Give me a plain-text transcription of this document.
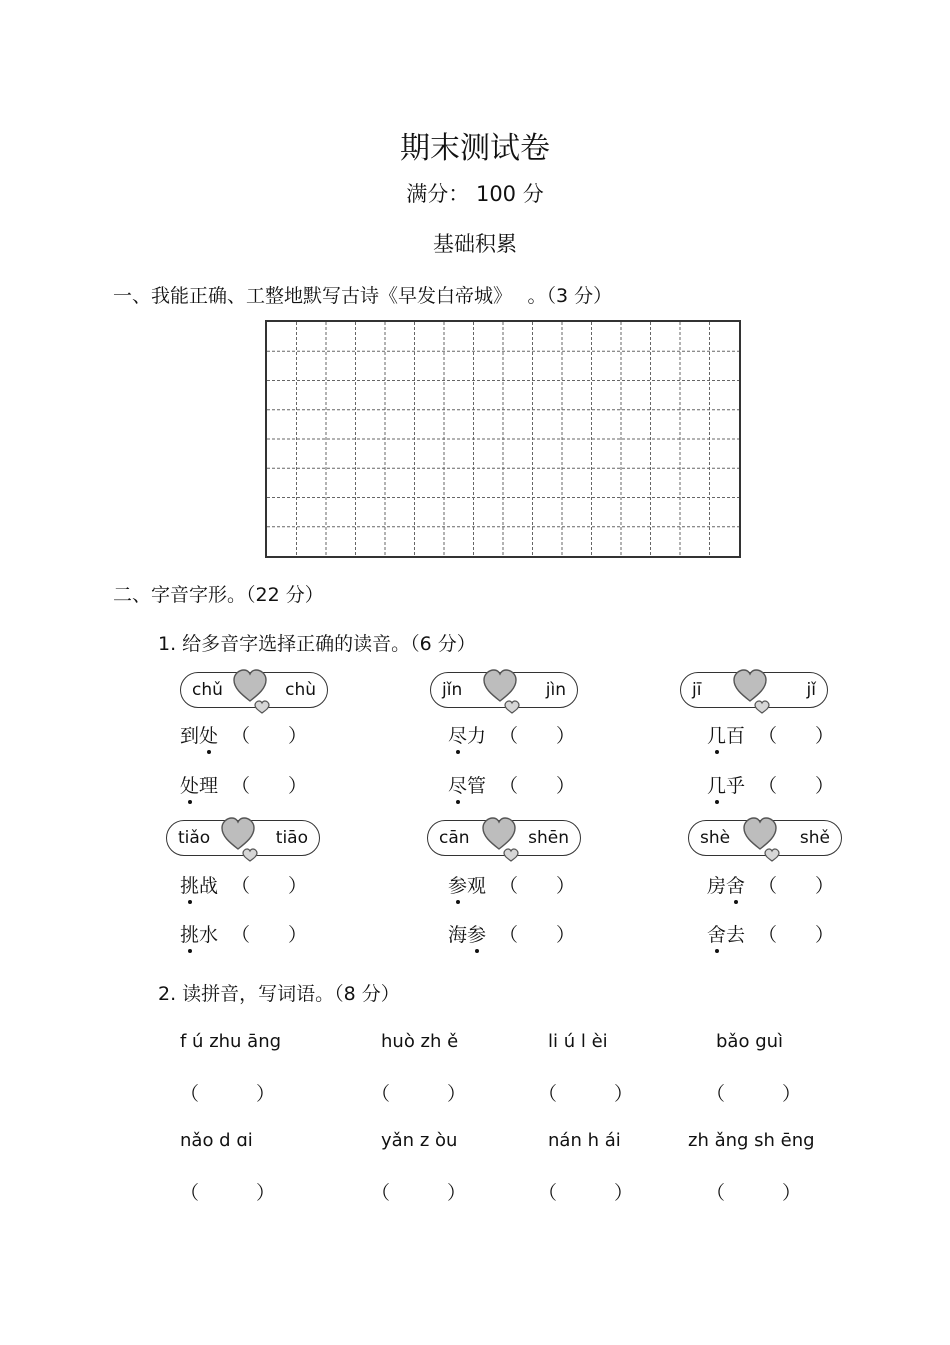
期末测试卷
满分： 100 分
基础积累
一、我能正确、工整地默写古诗《早发白帝城》　 。（3 分）
二、字音字形。（22 分）
1. 给多音字选择正确的读音。（6 分）
chǔ	chù
到处 （　　）
处理 （　　）
jǐn	jìn
尽力 （　　）
尽管 （　　）
jī	jǐ
几百 （　　）
几乎 （　　）
tiǎo	tiāo
挑战 （　　）
挑水 （　　）
cān	shēn
参观 （　　）
海参 （　　）
shè	shě
房舍 （　　）
舍去 （　　）
2. 读拼音，写词语。（8 分）
f ú zhu āng	huò zh ě	li ú l èi	bǎo guì
（　　　）	（　　　）	（　　　）	（　　　）
nǎo d ɑi	yǎn z òu	nán h ái	zh ǎng sh ēng
（　　　）	（　　　）	（　　　）	（　　　）
